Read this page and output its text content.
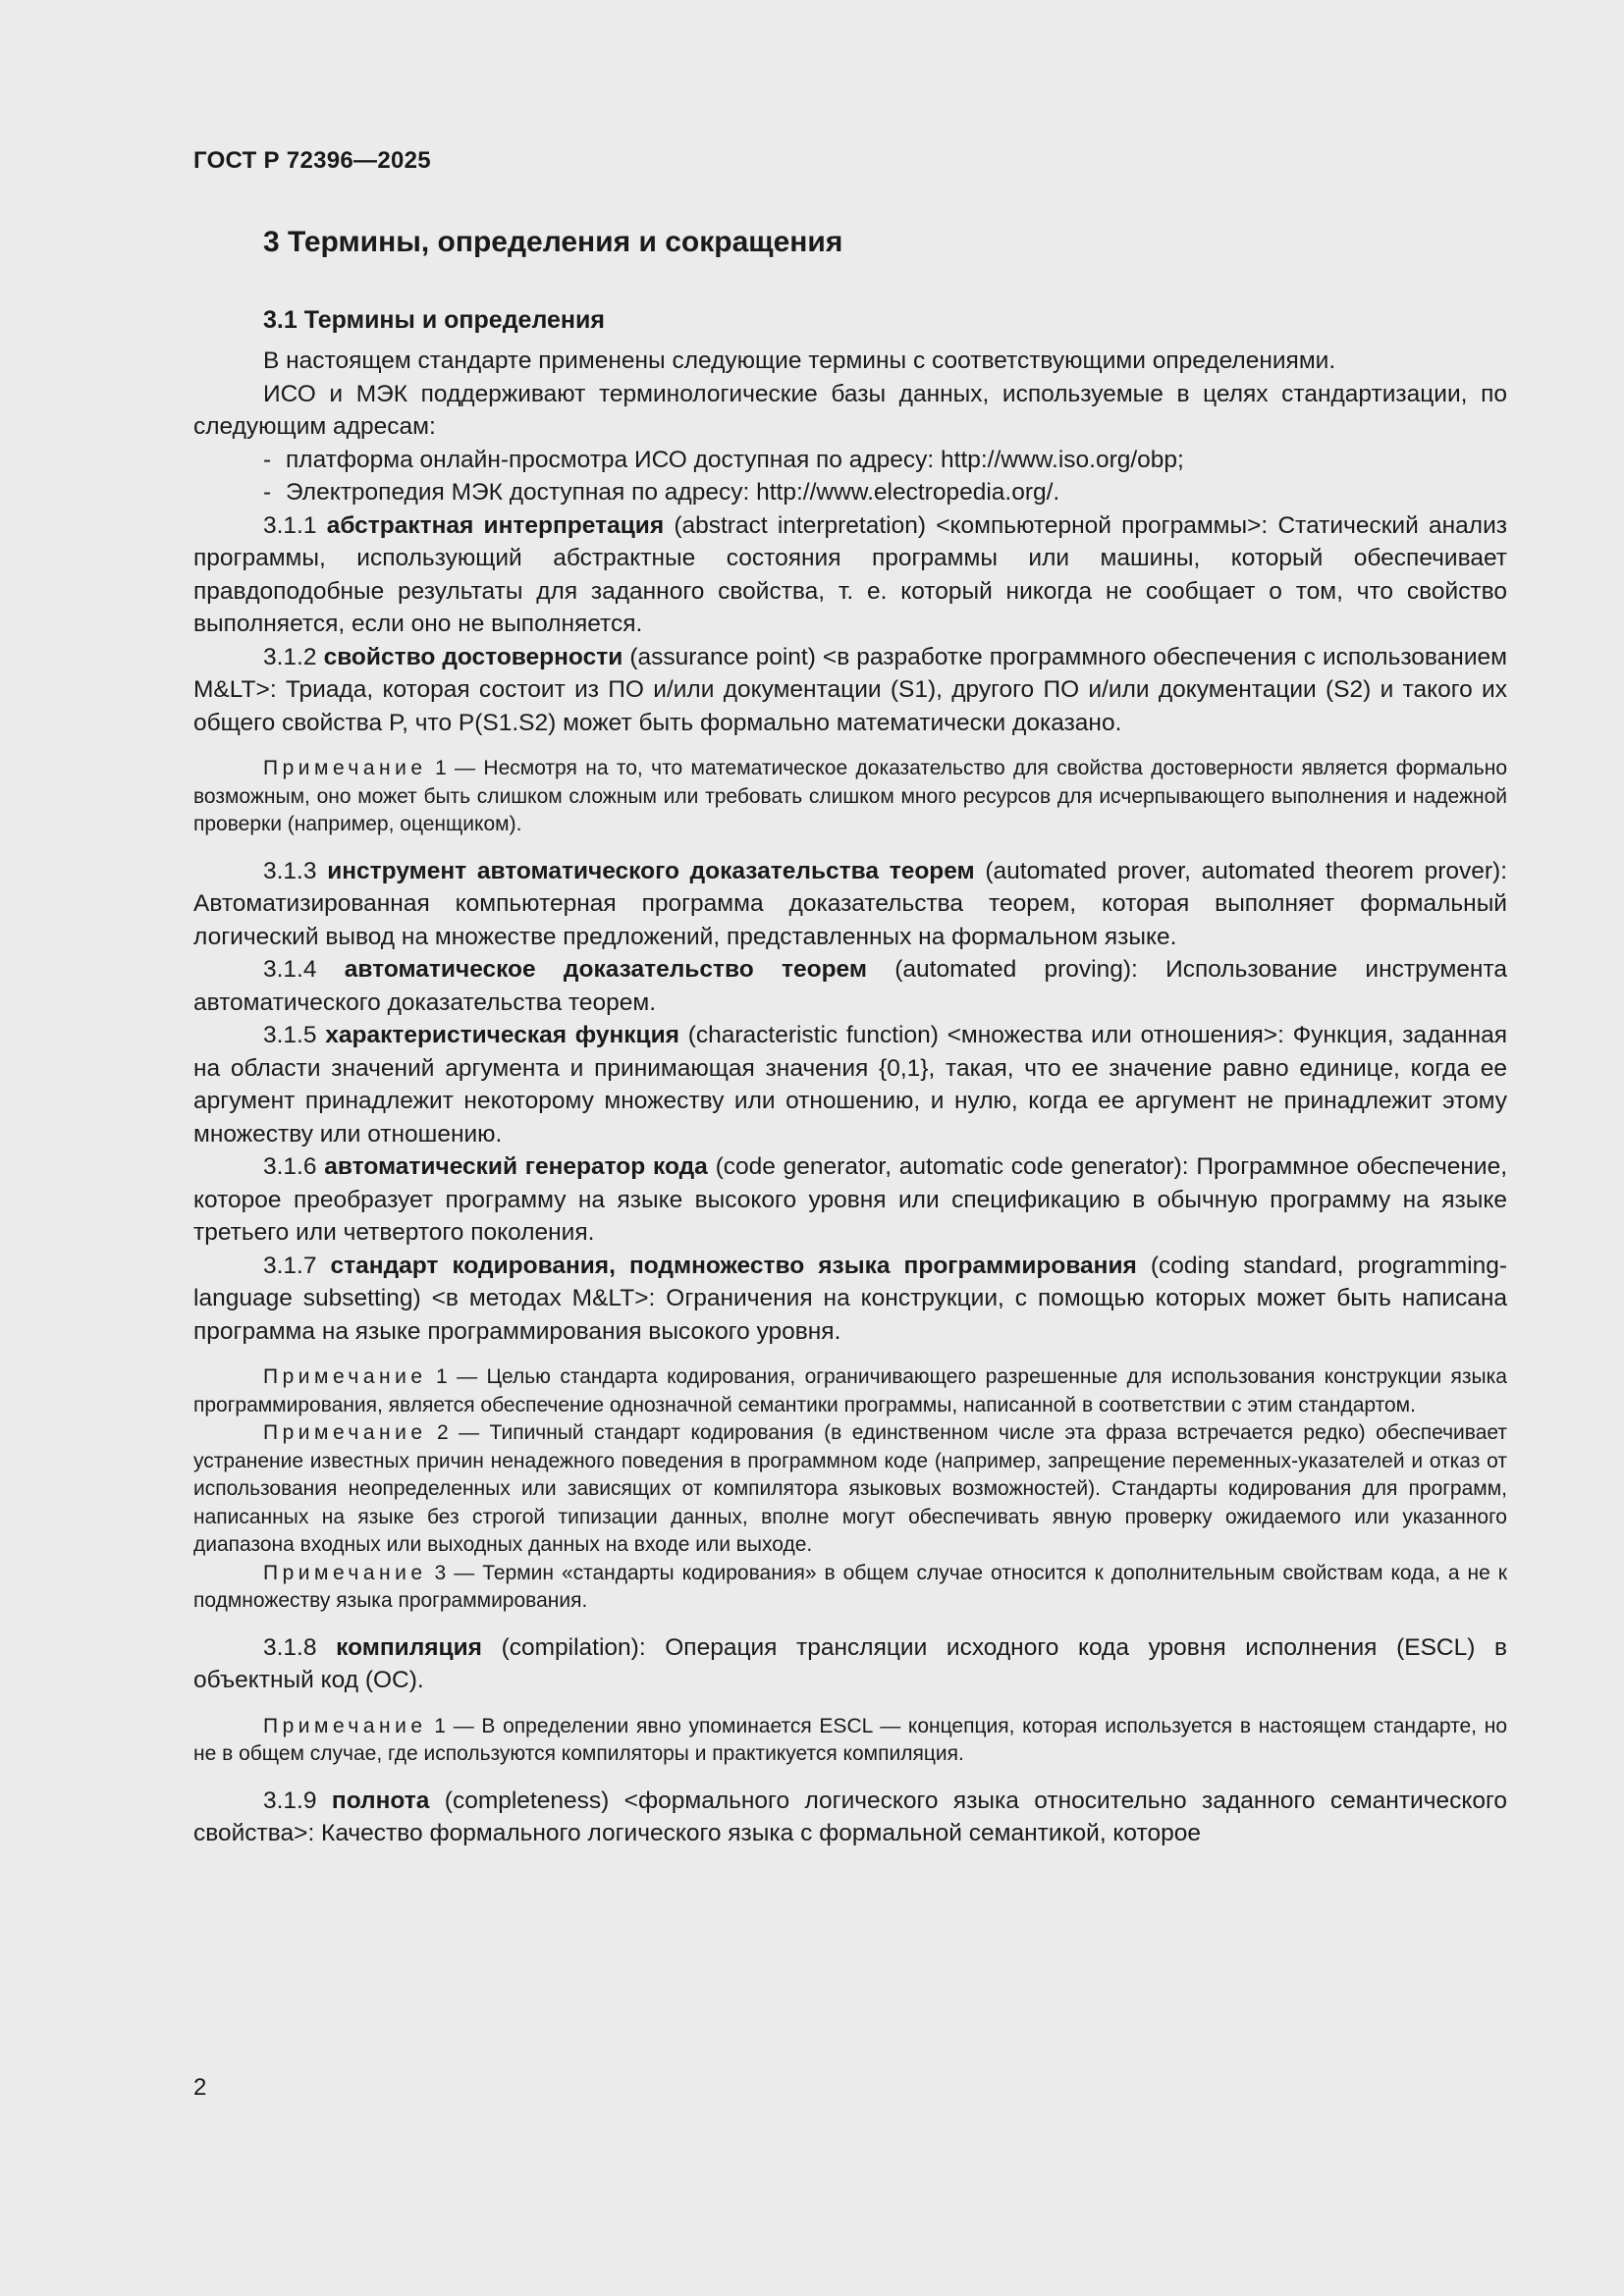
ГОСТ Р 72396—2025
3 Термины, определения и сокращения
3.1 Термины и определения

В настоящем стандарте применены следующие термины с соответствующими определениями.

ИСО и МЭК поддерживают терминологические базы данных, используемые в целях стандартизации, по следующим адресам:

- платформа онлайн-просмотра ИСО доступная по адресу: http://www.iso.org/obp;

- Электропедия МЭК доступная по адресу: http://www.electropedia.org/.

3.1.1 абстрактная интерпретация (abstract interpretation) <компьютерной программы>: Статический анализ программы, использующий абстрактные состояния программы или машины, который обеспечивает правдоподобные результаты для заданного свойства, т. е. который никогда не сообщает о том, что свойство выполняется, если оно не выполняется.

3.1.2 свойство достоверности (assurance point) <в разработке программного обеспечения с использованием M&LT>: Триада, которая состоит из ПО и/или документации (S1), другого ПО и/или документации (S2) и такого их общего свойства P, что P(S1.S2) может быть формально математически доказано.

Примечание 1 — Несмотря на то, что математическое доказательство для свойства достоверности является формально возможным, оно может быть слишком сложным или требовать слишком много ресурсов для исчерпывающего выполнения и надежной проверки (например, оценщиком).

3.1.3 инструмент автоматического доказательства теорем (automated prover, automated theorem prover): Автоматизированная компьютерная программа доказательства теорем, которая выполняет формальный логический вывод на множестве предложений, представленных на формальном языке.

3.1.4 автоматическое доказательство теорем (automated proving): Использование инструмента автоматического доказательства теорем.

3.1.5 характеристическая функция (characteristic function) <множества или отношения>: Функция, заданная на области значений аргумента и принимающая значения {0,1}, такая, что ее значение равно единице, когда ее аргумент принадлежит некоторому множеству или отношению, и нулю, когда ее аргумент не принадлежит этому множеству или отношению.

3.1.6 автоматический генератор кода (code generator, automatic code generator): Программное обеспечение, которое преобразует программу на языке высокого уровня или спецификацию в обычную программу на языке третьего или четвертого поколения.

3.1.7 стандарт кодирования, подмножество языка программирования (coding standard, programming-language subsetting) <в методах M&LT>: Ограничения на конструкции, с помощью которых может быть написана программа на языке программирования высокого уровня.

Примечание 1 — Целью стандарта кодирования, ограничивающего разрешенные для использования конструкции языка программирования, является обеспечение однозначной семантики программы, написанной в соответствии с этим стандартом.

Примечание 2 — Типичный стандарт кодирования (в единственном числе эта фраза встречается редко) обеспечивает устранение известных причин ненадежного поведения в программном коде (например, запрещение переменных-указателей и отказ от использования неопределенных или зависящих от компилятора языковых возможностей). Стандарты кодирования для программ, написанных на языке без строгой типизации данных, вполне могут обеспечивать явную проверку ожидаемого или указанного диапазона входных или выходных данных на входе или выходе.

Примечание 3 — Термин «стандарты кодирования» в общем случае относится к дополнительным свойствам кода, а не к подмножеству языка программирования.

3.1.8 компиляция (compilation): Операция трансляции исходного кода уровня исполнения (ESCL) в объектный код (ОС).

Примечание 1 — В определении явно упоминается ESCL — концепция, которая используется в настоящем стандарте, но не в общем случае, где используются компиляторы и практикуется компиляция.

3.1.9 полнота (completeness) <формального логического языка относительно заданного семантического свойства>: Качество формального логического языка с формальной семантикой, которое

2
